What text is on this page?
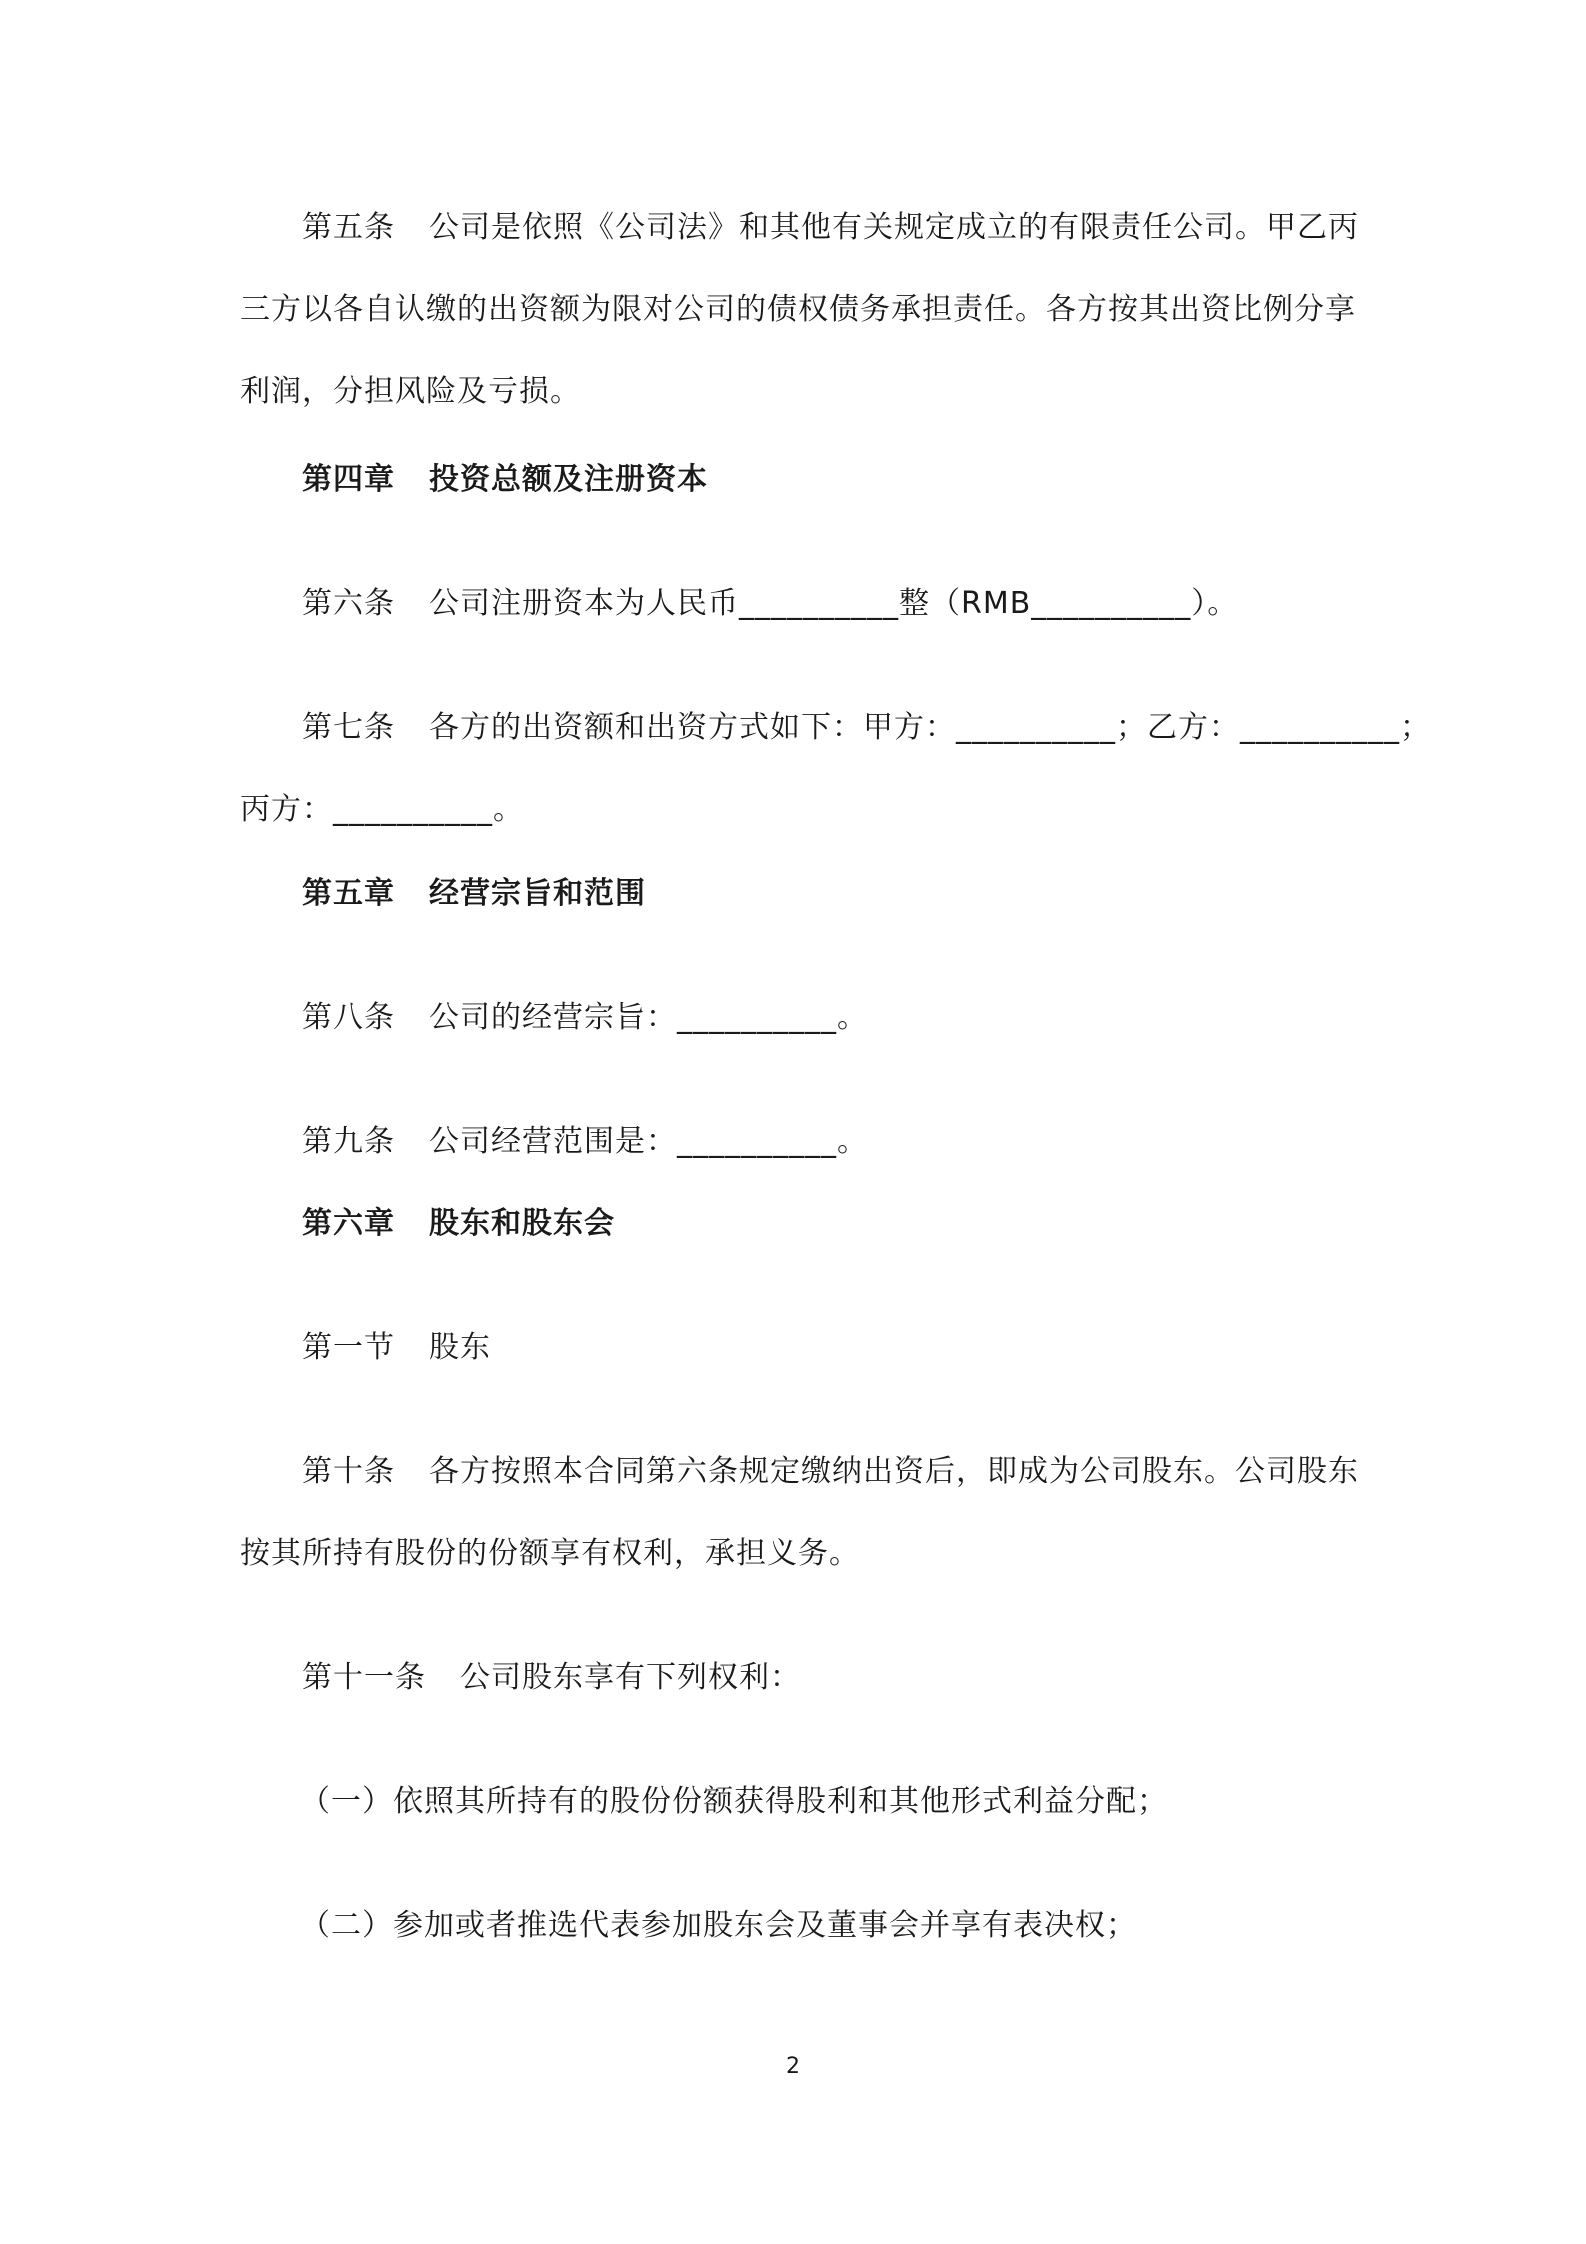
第五条 公司是依照《公司法》和其他有关规定成立的有限责任公司。甲乙丙
三方以各自认缴的出资额为限对公司的债权债务承担责任。各方按其出资比例分享
利润，分担风险及亏损。
第四章 投资总额及注册资本
第六条 公司注册资本为人民币__________整（RMB__________）。
第七条 各方的出资额和出资方式如下：甲方：__________；乙方：__________；
丙方：__________。
第五章 经营宗旨和范围
第八条 公司的经营宗旨：__________。
第九条 公司经营范围是：__________。
第六章 股东和股东会
第一节 股东
第十条 各方按照本合同第六条规定缴纳出资后，即成为公司股东。公司股东
按其所持有股份的份额享有权利，承担义务。
第十一条 公司股东享有下列权利：
（一）依照其所持有的股份份额获得股利和其他形式利益分配；
（二）参加或者推选代表参加股东会及董事会并享有表决权；
2
